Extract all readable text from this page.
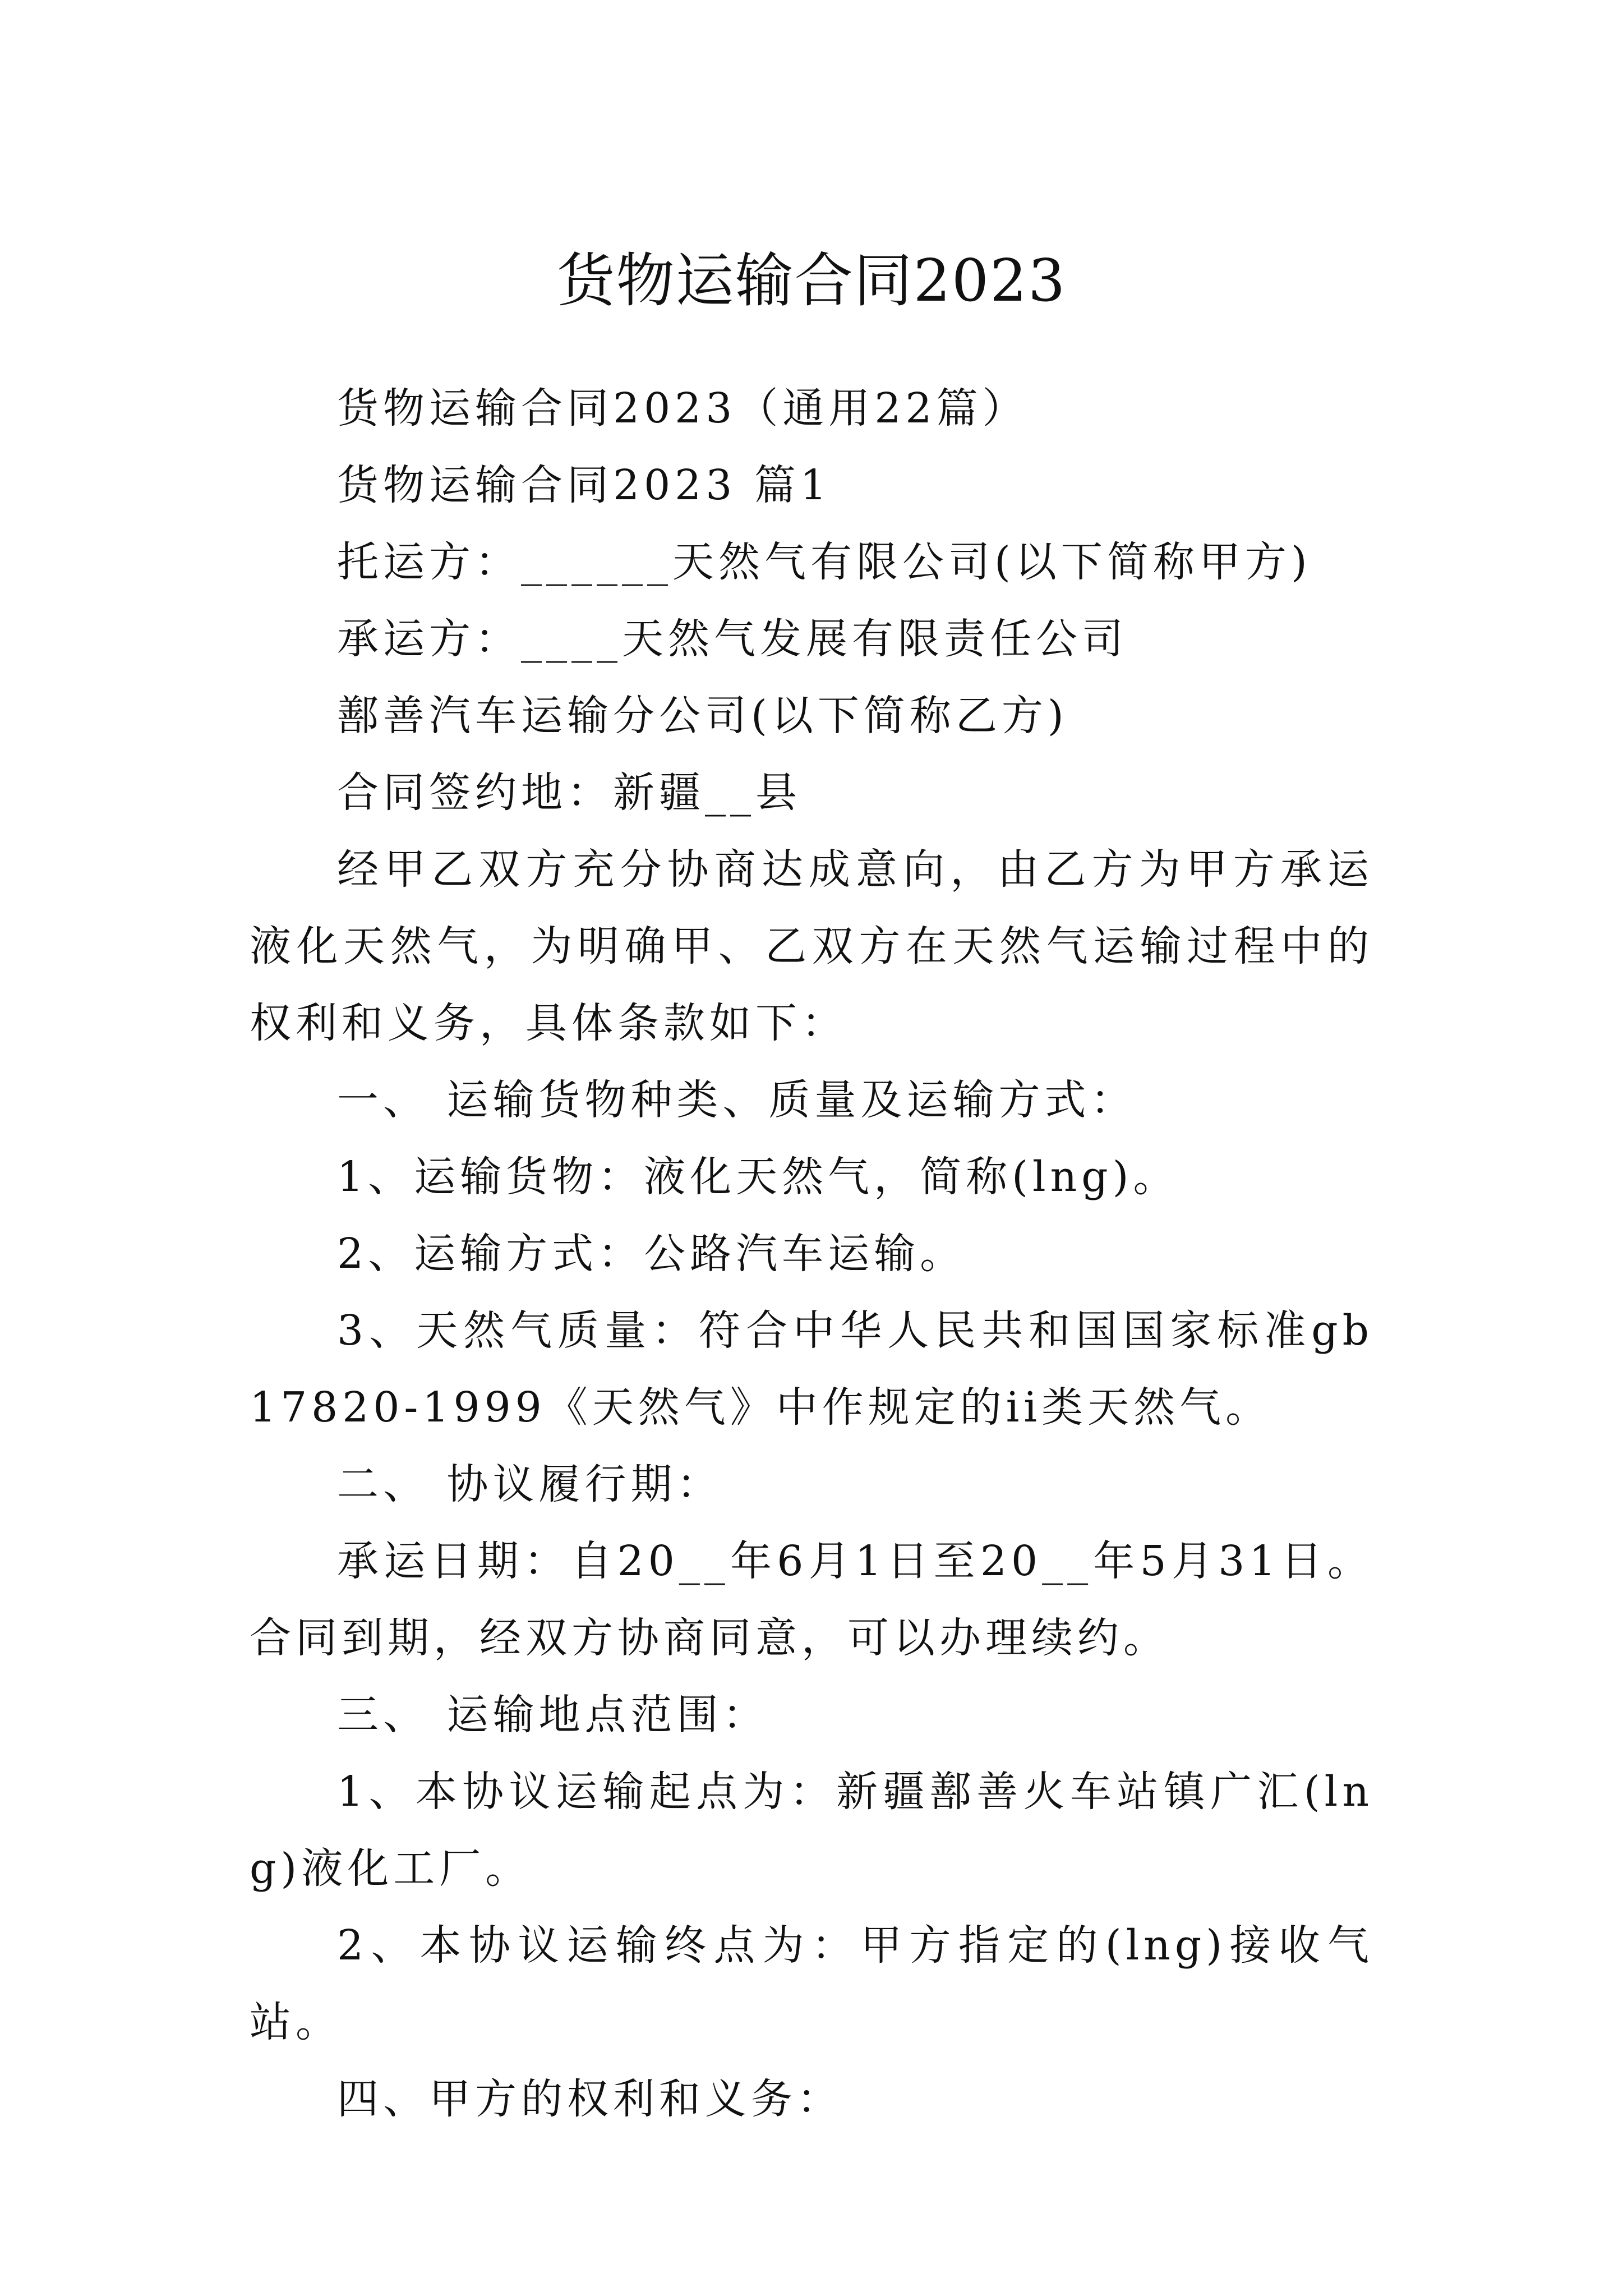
货物运输合同2023

货物运输合同2023（通用22篇）

货物运输合同2023 篇1

托运方：______天然气有限公司(以下简称甲方)

承运方：____天然气发展有限责任公司

鄯善汽车运输分公司(以下简称乙方)

合同签约地：新疆__县

经甲乙双方充分协商达成意向，由乙方为甲方承运液化天然气，为明确甲、乙双方在天然气运输过程中的权利和义务，具体条款如下：

一、 运输货物种类、质量及运输方式：

1、运输货物：液化天然气，简称(lng)。

2、运输方式：公路汽车运输。

3、天然气质量：符合中华人民共和国国家标准gb17820-1999《天然气》中作规定的ii类天然气。

二、 协议履行期：

承运日期：自20__年6月1日至20__年5月31日。合同到期，经双方协商同意，可以办理续约。

三、 运输地点范围：

1、本协议运输起点为：新疆鄯善火车站镇广汇(lng)液化工厂。

2、本协议运输终点为：甲方指定的(lng)接收气站。

四、甲方的权利和义务：
